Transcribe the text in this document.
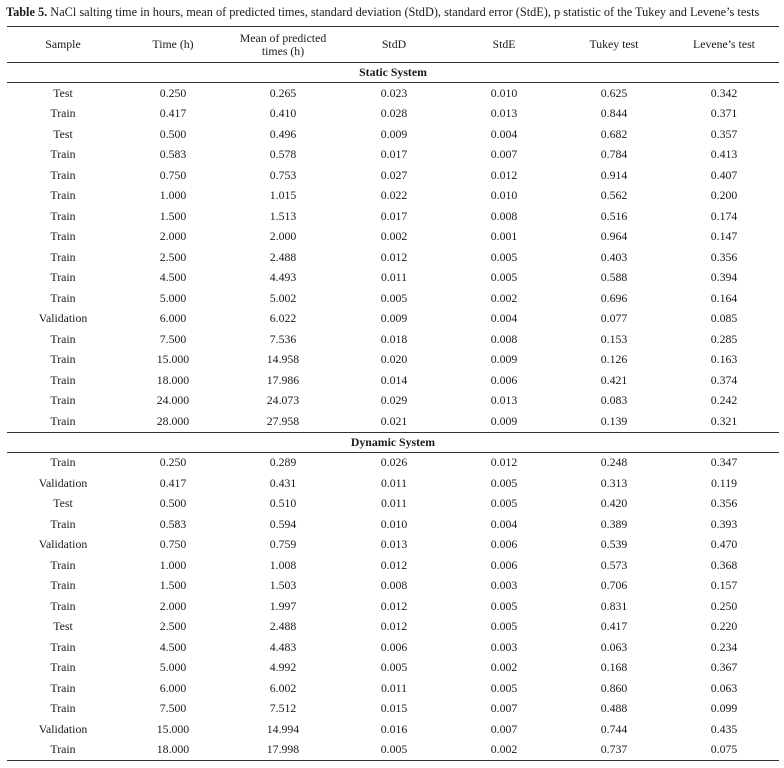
Table 5. NaCl salting time in hours, mean of predicted times, standard deviation (StdD), standard error (StdE), p statistic of the Tukey and Levene’s tests
Sample	Time (h)	Mean of predicted times (h)	StdD	StdE	Tukey test	Levene’s test
Static System						
Test	0.250	0.265	0.023	0.010	0.625	0.342
Train	0.417	0.410	0.028	0.013	0.844	0.371
Test	0.500	0.496	0.009	0.004	0.682	0.357
Train	0.583	0.578	0.017	0.007	0.784	0.413
Train	0.750	0.753	0.027	0.012	0.914	0.407
Train	1.000	1.015	0.022	0.010	0.562	0.200
Train	1.500	1.513	0.017	0.008	0.516	0.174
Train	2.000	2.000	0.002	0.001	0.964	0.147
Train	2.500	2.488	0.012	0.005	0.403	0.356
Train	4.500	4.493	0.011	0.005	0.588	0.394
Train	5.000	5.002	0.005	0.002	0.696	0.164
Validation	6.000	6.022	0.009	0.004	0.077	0.085
Train	7.500	7.536	0.018	0.008	0.153	0.285
Train	15.000	14.958	0.020	0.009	0.126	0.163
Train	18.000	17.986	0.014	0.006	0.421	0.374
Train	24.000	24.073	0.029	0.013	0.083	0.242
Train	28.000	27.958	0.021	0.009	0.139	0.321
Dynamic System						
Train	0.250	0.289	0.026	0.012	0.248	0.347
Validation	0.417	0.431	0.011	0.005	0.313	0.119
Test	0.500	0.510	0.011	0.005	0.420	0.356
Train	0.583	0.594	0.010	0.004	0.389	0.393
Validation	0.750	0.759	0.013	0.006	0.539	0.470
Train	1.000	1.008	0.012	0.006	0.573	0.368
Train	1.500	1.503	0.008	0.003	0.706	0.157
Train	2.000	1.997	0.012	0.005	0.831	0.250
Test	2.500	2.488	0.012	0.005	0.417	0.220
Train	4.500	4.483	0.006	0.003	0.063	0.234
Train	5.000	4.992	0.005	0.002	0.168	0.367
Train	6.000	6.002	0.011	0.005	0.860	0.063
Train	7.500	7.512	0.015	0.007	0.488	0.099
Validation	15.000	14.994	0.016	0.007	0.744	0.435
Train	18.000	17.998	0.005	0.002	0.737	0.075
